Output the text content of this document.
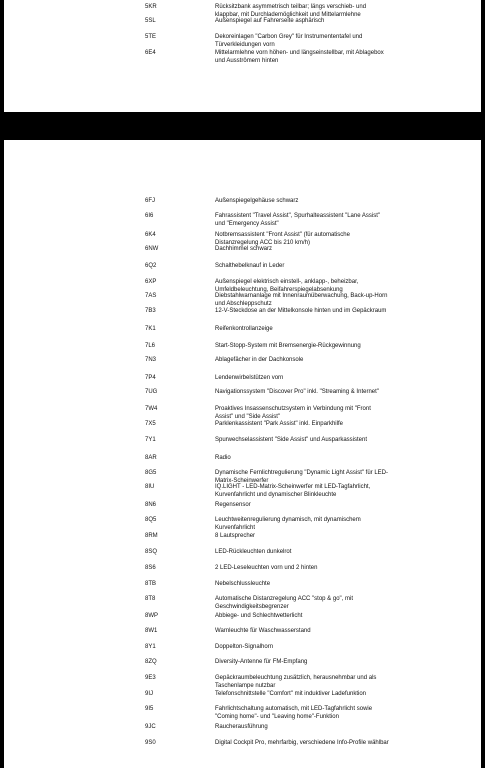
5KR	Rücksitzbank asymmetrisch teilbar; längs verschieb- und klappbar, mit Durchlademöglichkeit und Mittelarmlehne
5SL	Außenspiegel auf Fahrerseite asphärisch
5TE	Dekoreinlagen "Carbon Grey" für Instrumententafel und Türverkleidungen vorn
6E4	Mittelarmlehne vorn höhen- und längseinstellbar, mit Ablagebox und Ausströmern hinten
6FJ	Außenspiegelgehäuse schwarz
6I6	Fahrassistent "Travel Assist", Spurhalteassistent "Lane Assist" und "Emergency Assist"
6K4	Notbremsassistent "Front Assist" (für automatische Distanzregelung ACC bis 210 km/h)
6NW	Dachhimmel schwarz
6Q2	Schalthebelknauf in Leder
6XP	Außenspiegel elektrisch einstell-, anklapp-, beheizbar, Umfeldbeleuchtung, Beifahrerspiegelabsenkung
7AS	Diebstahlwarnanlage mit Innenraumüberwachung, Back-up-Horn und Abschleppschutz
7B3	12-V-Steckdose an der Mittelkonsole hinten und im Gepäckraum
7K1	Reifenkontrollanzeige
7L6	Start-Stopp-System mit Bremsenergie-Rückgewinnung
7N3	Ablagefächer in der Dachkonsole
7P4	Lendenwirbelstützen vorn
7UG	Navigationssystem "Discover Pro" inkl. "Streaming & Internet"
7W4	Proaktives Insassenschutzsystem in Verbindung mit "Front Assist" und "Side Assist"
7X5	Parklenkassistent "Park Assist" inkl. Einparkhilfe
7Y1	Spurwechselassistent "Side Assist" und Ausparkassistent
8AR	Radio
8G5	Dynamische Fernlichtregulierung "Dynamic Light Assist" für LED-Matrix-Scheinwerfer
8IU	IQ.LIGHT - LED-Matrix-Scheinwerfer mit LED-Tagfahrlicht, Kurvenfahrlicht und dynamischer Blinkleuchte
8N6	Regensensor
8Q5	Leuchtweitenregulierung dynamisch, mit dynamischem Kurvenfahrlicht
8RM	8 Lautsprecher
8SQ	LED-Rückleuchten dunkelrot
8S6	2 LED-Leseleuchten vorn und 2 hinten
8TB	Nebelschlussleuchte
8T8	Automatische Distanzregelung ACC "stop & go", mit Geschwindigkeitsbegrenzer
8WP	Abbiege- und Schlechtwetterlicht
8W1	Warnleuchte für Waschwasserstand
8Y1	Doppelton-Signalhorn
8ZQ	Diversity-Antenne für FM-Empfang
9E3	Gepäckraumbeleuchtung zusätzlich, herausnehmbar und als Taschenlampe nutzbar
9IJ	Telefonschnittstelle "Comfort" mit induktiver Ladefunktion
9I5	Fahrlichtschaltung automatisch, mit LED-Tagfahrlicht sowie "Coming home"- und "Leaving home"-Funktion
9JC	Raucherausführung
9S0	Digital Cockpit Pro, mehrfarbig, verschiedene Info-Profile wählbar
